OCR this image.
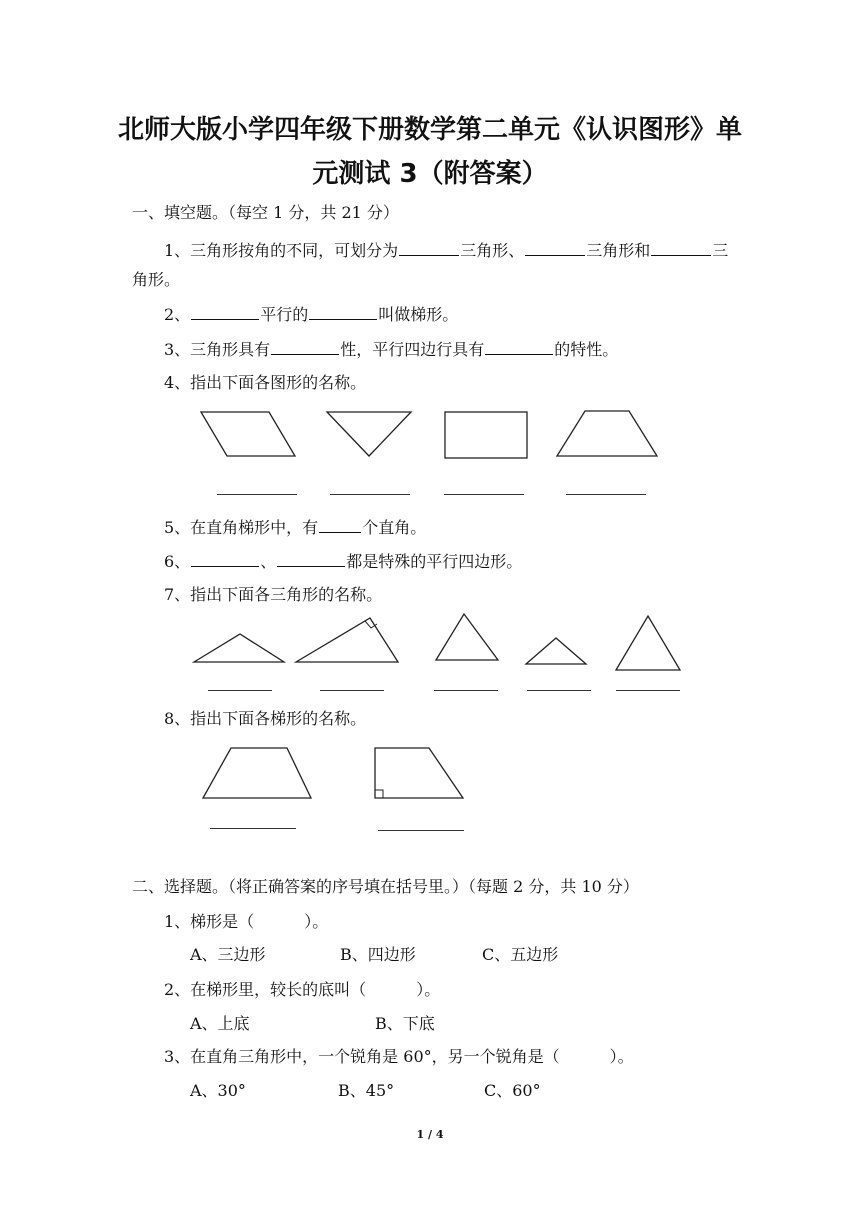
北师大版小学四年级下册数学第二单元《认识图形》单
元测试 3（附答案）
一、填空题。（每空 1 分，共 21 分）
1、三角形按角的不同，可划分为	三角形、	三角形和	三
角形。
2、	平行的	叫做梯形。
3、三角形具有	性，平行四边行具有	的特性。
4、指出下面各图形的名称。
5、在直角梯形中，有	个直角。
6、	、	都是特殊的平行四边形。
7、指出下面各三角形的名称。
8、指出下面各梯形的名称。
二、选择题。（将正确答案的序号填在括号里。）（每题 2 分，共 10 分）
1、梯形是（	）。
A、三边形	B、四边形	C、五边形
2、在梯形里，较长的底叫（	）。
A、上底	B、下底
3、在直角三角形中，一个锐角是 60°，另一个锐角是（	）。
A、30°	B、45°	C、60°
1 / 4
